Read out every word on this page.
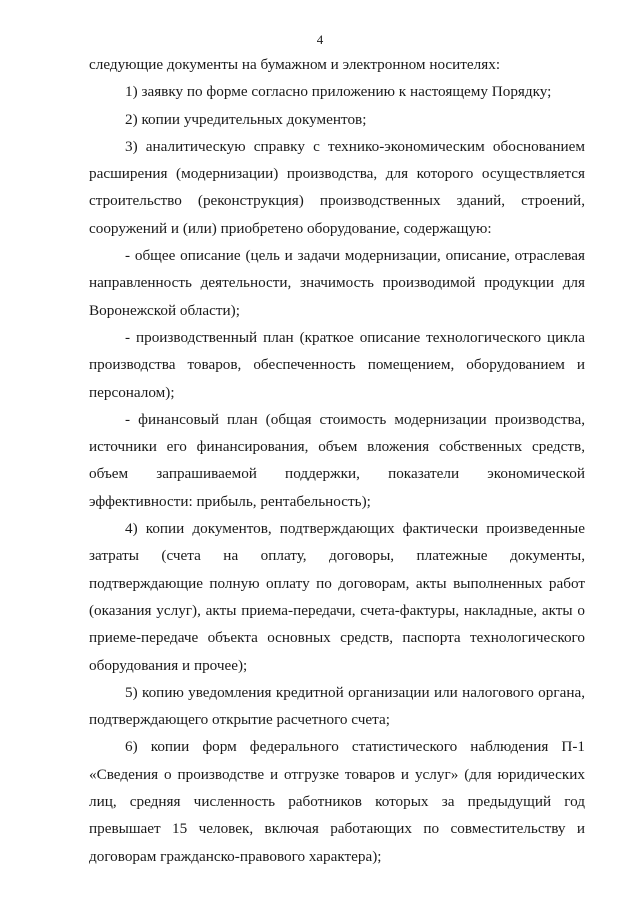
4

следующие документы на бумажном и электронном носителях:

1) заявку по форме согласно приложению к настоящему Порядку;

2) копии учредительных документов;

3) аналитическую справку с технико-экономическим обоснованием расширения (модернизации) производства, для которого осуществляется строительство (реконструкция) производственных зданий, строений, сооружений и (или) приобретено оборудование, содержащую:

- общее описание (цель и задачи модернизации, описание, отраслевая направленность деятельности, значимость производимой продукции для Воронежской области);

- производственный план (краткое описание технологического цикла производства товаров, обеспеченность помещением, оборудованием и персоналом);

- финансовый план (общая стоимость модернизации производства, источники его финансирования, объем вложения собственных средств, объем запрашиваемой поддержки, показатели экономической эффективности: прибыль, рентабельность);

4) копии документов, подтверждающих фактически произведенные затраты (счета на оплату, договоры, платежные документы, подтверждающие полную оплату по договорам, акты выполненных работ (оказания услуг), акты приема-передачи, счета-фактуры, накладные, акты о приеме-передаче объекта основных средств, паспорта технологического оборудования и прочее);

5) копию уведомления кредитной организации или налогового органа, подтверждающего открытие расчетного счета;

6) копии форм федерального статистического наблюдения П-1 «Сведения о производстве и отгрузке товаров и услуг» (для юридических лиц, средняя численность работников которых за предыдущий год превышает 15 человек, включая работающих по совместительству и договорам гражданско-правового характера);
